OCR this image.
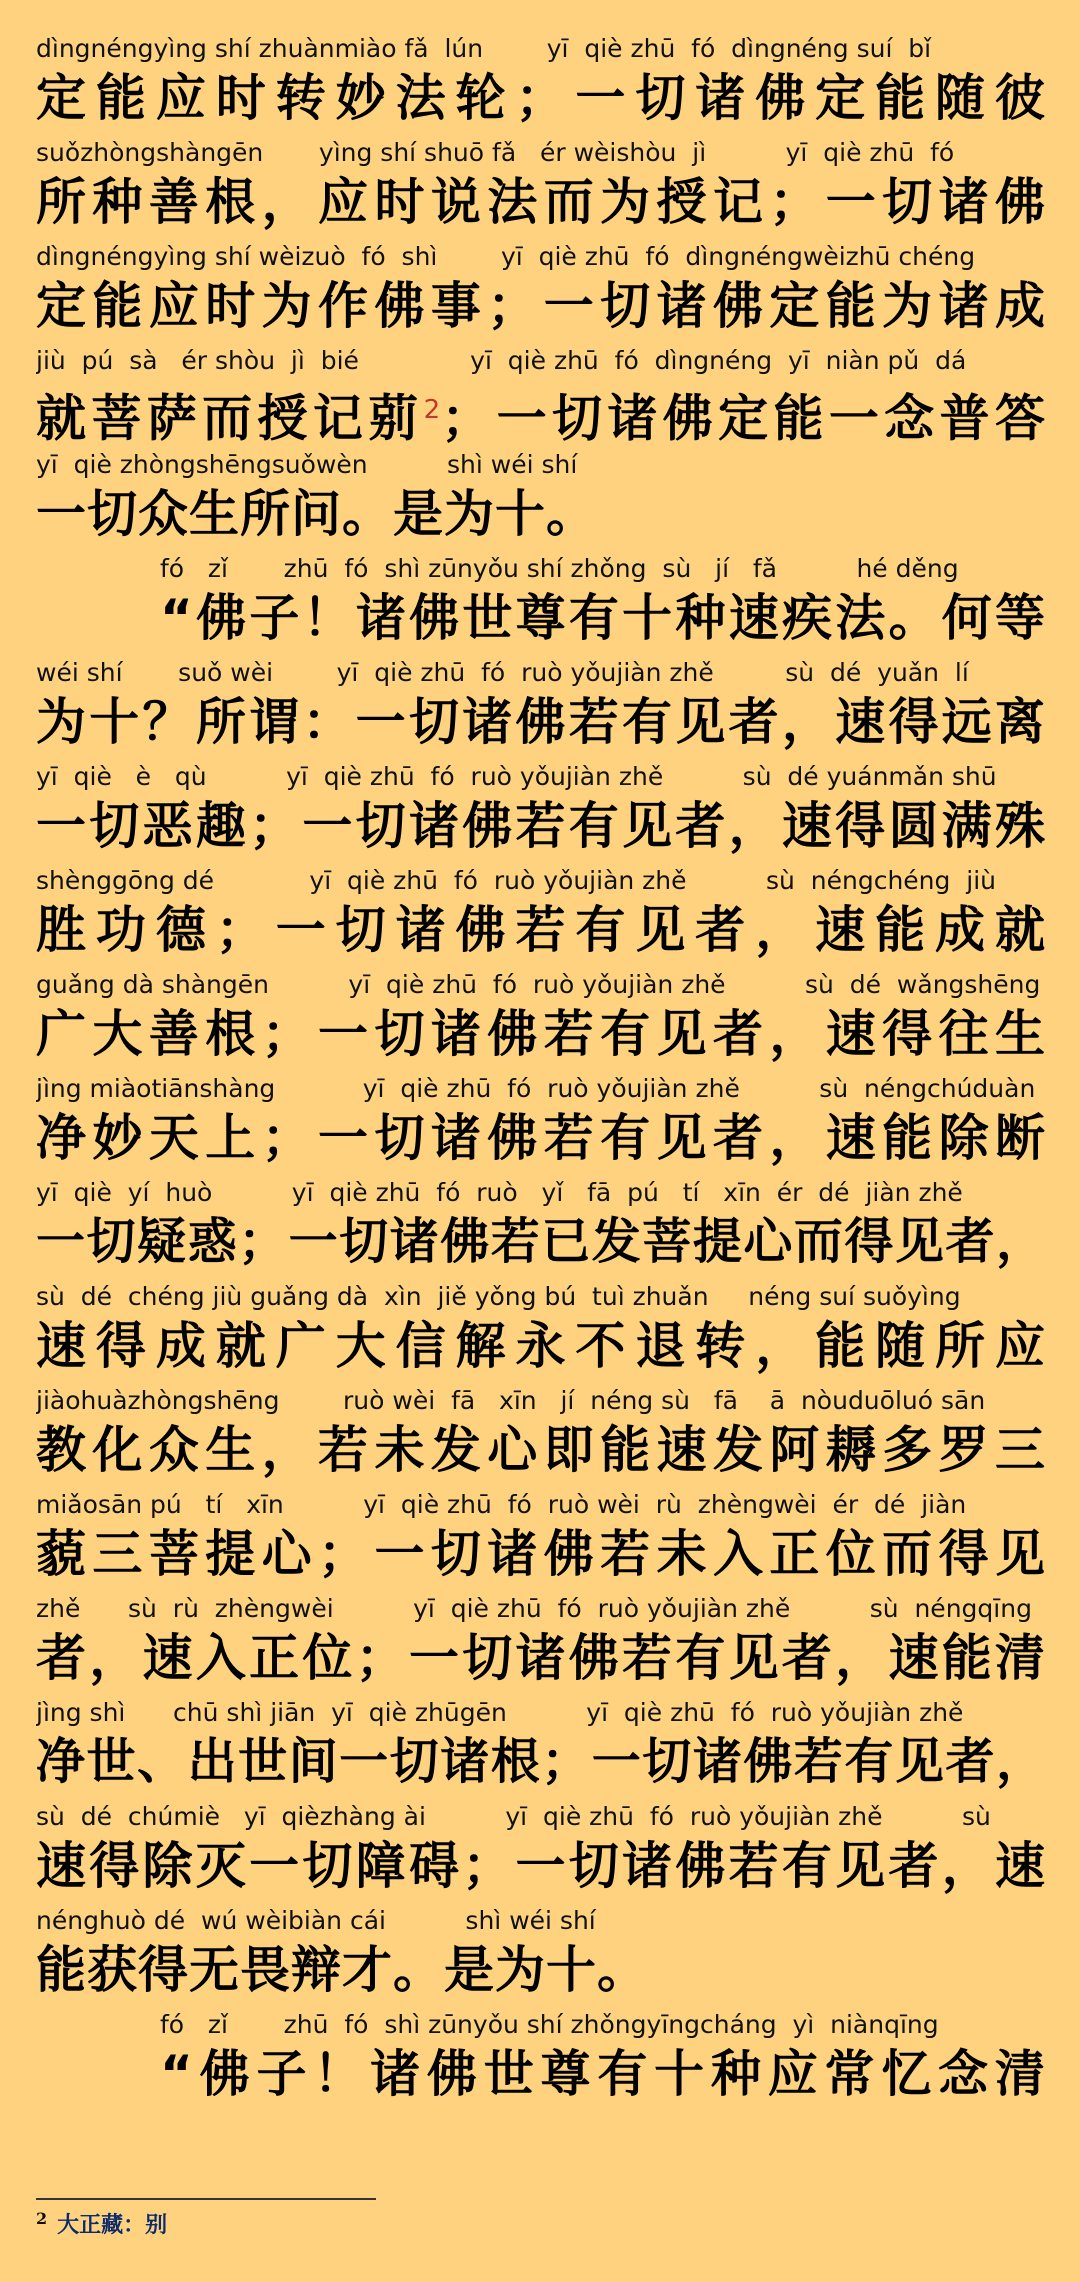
dìngnéngyìng shí zhuànmiào fǎ  lún        yī  qiè zhū  fó  dìngnéng suí  bǐ
定能应时转妙法轮；一切诸佛定能随彼
suǒzhòngshàngēn       yìng shí shuō fǎ   ér wèishòu  jì          yī  qiè zhū  fó
所种善根，应时说法而为授记；一切诸佛
dìngnéngyìng shí wèizuò  fó  shì        yī  qiè zhū  fó  dìngnéngwèizhū chéng
定能应时为作佛事；一切诸佛定能为诸成
jiù  pú  sà   ér shòu  jì  bié              yī  qiè zhū  fó  dìngnéng  yī  niàn pǔ  dá
就菩萨而授记莂$^2$；一切诸佛定能一念普答
yī  qiè zhòngshēngsuǒwèn          shì wéi shí
一切众生所问。是为十。
fó   zǐ       zhū  fó  shì zūnyǒu shí zhǒng  sù   jí   fǎ          hé děng
“佛子！诸佛世尊有十种速疾法。何等
wéi shí       suǒ wèi        yī  qiè zhū  fó  ruò yǒujiàn zhě         sù  dé  yuǎn  lí
为十？所谓：一切诸佛若有见者，速得远离
yī  qiè   è   qù          yī  qiè zhū  fó  ruò yǒujiàn zhě          sù  dé yuánmǎn shū
一切恶趣；一切诸佛若有见者，速得圆满殊
shènggōng dé            yī  qiè zhū  fó  ruò yǒujiàn zhě          sù  néngchéng  jiù
胜功德；一切诸佛若有见者，速能成就
guǎng dà shàngēn          yī  qiè zhū  fó  ruò yǒujiàn zhě          sù  dé  wǎngshēng
广大善根；一切诸佛若有见者，速得往生
jìng miàotiānshàng           yī  qiè zhū  fó  ruò yǒujiàn zhě          sù  néngchúduàn
净妙天上；一切诸佛若有见者，速能除断
yī  qiè  yí  huò          yī  qiè zhū  fó  ruò   yǐ   fā  pú   tí   xīn  ér  dé  jiàn zhě
一切疑惑；一切诸佛若已发菩提心而得见者，
sù  dé  chéng jiù guǎng dà  xìn  jiě yǒng bú  tuì zhuǎn     néng suí suǒyìng
速得成就广大信解永不退转，能随所应
jiàohuàzhòngshēng        ruò wèi  fā   xīn   jí  néng sù   fā    ā  nòuduōluó sān
教化众生，若未发心即能速发阿耨多罗三
miǎosān pú   tí   xīn          yī  qiè zhū  fó  ruò wèi  rù  zhèngwèi  ér  dé  jiàn
藐三菩提心；一切诸佛若未入正位而得见
zhě      sù  rù  zhèngwèi          yī  qiè zhū  fó  ruò yǒujiàn zhě          sù  néngqīng
者，速入正位；一切诸佛若有见者，速能清
jìng shì      chū shì jiān  yī  qiè zhūgēn          yī  qiè zhū  fó  ruò yǒujiàn zhě
净世、出世间一切诸根；一切诸佛若有见者，
sù  dé  chúmiè   yī  qièzhàng ài          yī  qiè zhū  fó  ruò yǒujiàn zhě          sù
速得除灭一切障碍；一切诸佛若有见者，速
nénghuò dé  wú wèibiàn cái          shì wéi shí
能获得无畏辩才。是为十。
fó   zǐ       zhū  fó  shì zūnyǒu shí zhǒngyīngcháng  yì  niànqīng
“佛子！诸佛世尊有十种应常忆念清
$^2$ 大正藏：别
